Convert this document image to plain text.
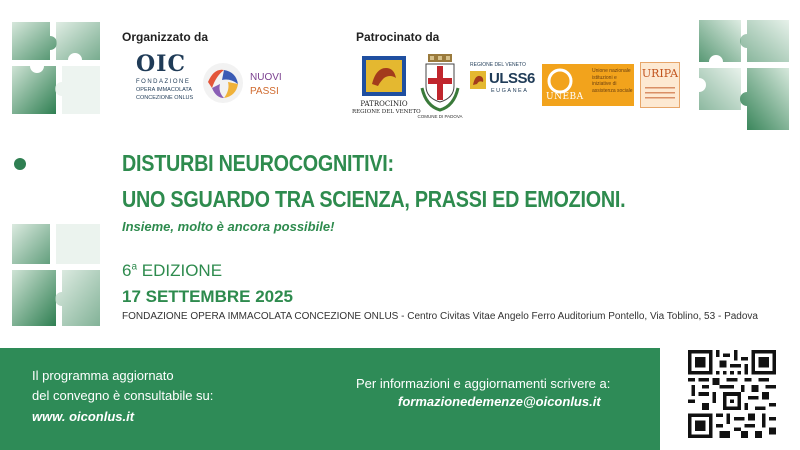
Organizzato da	Patrocinato da
OIC
FONDAZIONE
OPERA IMMACOLATA
CONCEZIONE ONLUS
NUOVI
PASSI
PATROCINIO
REGIONE DEL VENETO
COMUNE DI PADOVA
REGIONE DEL VENETO
ULSS6
EUGANEA
UNEBA
Unione nazionale istituzioni e iniziative di assistenza sociale
URIPA
DISTURBI NEUROCOGNITIVI:
UNO SGUARDO TRA SCIENZA, PRASSI ED EMOZIONI.
Insieme, molto è ancora possibile!
6$^a$ EDIZIONE
17 SETTEMBRE 2025
FONDAZIONE OPERA IMMACOLATA CONCEZIONE ONLUS - Centro Civitas Vitae Angelo Ferro Auditorium Pontello, Via Toblino, 53 - Padova
Il programma aggiornato
del convegno è consultabile su:
www. oiconlus.it
Per informazioni e aggiornamenti scrivere a:
formazionedemenze@oiconlus.it
